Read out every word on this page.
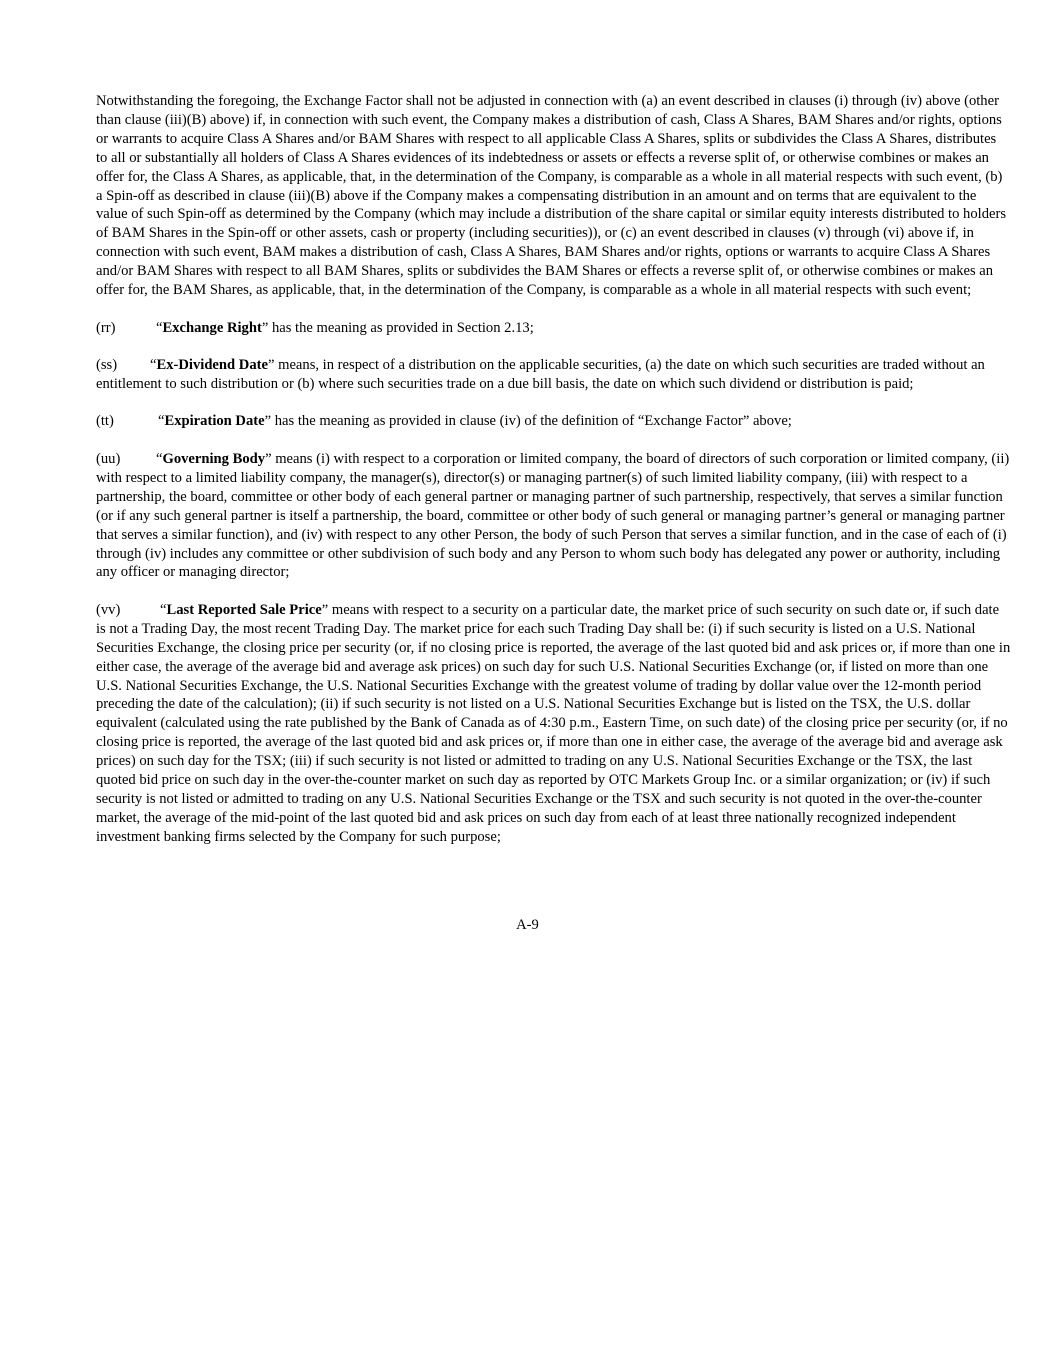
Notwithstanding the foregoing, the Exchange Factor shall not be adjusted in connection with (a) an event described in clauses (i) through (iv) above (other than clause (iii)(B) above) if, in connection with such event, the Company makes a distribution of cash, Class A Shares, BAM Shares and/or rights, options or warrants to acquire Class A Shares and/or BAM Shares with respect to all applicable Class A Shares, splits or subdivides the Class A Shares, distributes to all or substantially all holders of Class A Shares evidences of its indebtedness or assets or effects a reverse split of, or otherwise combines or makes an offer for, the Class A Shares, as applicable, that, in the determination of the Company, is comparable as a whole in all material respects with such event, (b) a Spin-off as described in clause (iii)(B) above if the Company makes a compensating distribution in an amount and on terms that are equivalent to the value of such Spin-off as determined by the Company (which may include a distribution of the share capital or similar equity interests distributed to holders of BAM Shares in the Spin-off or other assets, cash or property (including securities)), or (c) an event described in clauses (v) through (vi) above if, in connection with such event, BAM makes a distribution of cash, Class A Shares, BAM Shares and/or rights, options or warrants to acquire Class A Shares and/or BAM Shares with respect to all BAM Shares, splits or subdivides the BAM Shares or effects a reverse split of, or otherwise combines or makes an offer for, the BAM Shares, as applicable, that, in the determination of the Company, is comparable as a whole in all material respects with such event;

(rr)	“Exchange Right” has the meaning as provided in Section 2.13;

(ss) “Ex-Dividend Date” means, in respect of a distribution on the applicable securities, (a) the date on which such securities are traded without an entitlement to such distribution or (b) where such securities trade on a due bill basis, the date on which such dividend or distribution is paid;

(tt)	“Expiration Date” has the meaning as provided in clause (iv) of the definition of “Exchange Factor” above;

(uu) “Governing Body” means (i) with respect to a corporation or limited company, the board of directors of such corporation or limited company, (ii) with respect to a limited liability company, the manager(s), director(s) or managing partner(s) of such limited liability company, (iii) with respect to a partnership, the board, committee or other body of each general partner or managing partner of such partnership, respectively, that serves a similar function (or if any such general partner is itself a partnership, the board, committee or other body of such general or managing partner’s general or managing partner that serves a similar function), and (iv) with respect to any other Person, the body of such Person that serves a similar function, and in the case of each of (i) through (iv) includes any committee or other subdivision of such body and any Person to whom such body has delegated any power or authority, including any officer or managing director;

(vv)	“Last Reported Sale Price” means with respect to a security on a particular date, the market price of such security on such date or, if such date is not a Trading Day, the most recent Trading Day. The market price for each such Trading Day shall be: (i) if such security is listed on a U.S. National Securities Exchange, the closing price per security (or, if no closing price is reported, the average of the last quoted bid and ask prices or, if more than one in either case, the average of the average bid and average ask prices) on such day for such U.S. National Securities Exchange (or, if listed on more than one U.S. National Securities Exchange, the U.S. National Securities Exchange with the greatest volume of trading by dollar value over the 12-month period preceding the date of the calculation); (ii) if such security is not listed on a U.S. National Securities Exchange but is listed on the TSX, the U.S. dollar equivalent (calculated using the rate published by the Bank of Canada as of 4:30 p.m., Eastern Time, on such date) of the closing price per security (or, if no closing price is reported, the average of the last quoted bid and ask prices or, if more than one in either case, the average of the average bid and average ask prices) on such day for the TSX; (iii) if such security is not listed or admitted to trading on any U.S. National Securities Exchange or the TSX, the last quoted bid price on such day in the over-the-counter market on such day as reported by OTC Markets Group Inc. or a similar organization; or (iv) if such security is not listed or admitted to trading on any U.S. National Securities Exchange or the TSX and such security is not quoted in the over-the-counter market, the average of the mid-point of the last quoted bid and ask prices on such day from each of at least three nationally recognized independent investment banking firms selected by the Company for such purpose;

A-9
